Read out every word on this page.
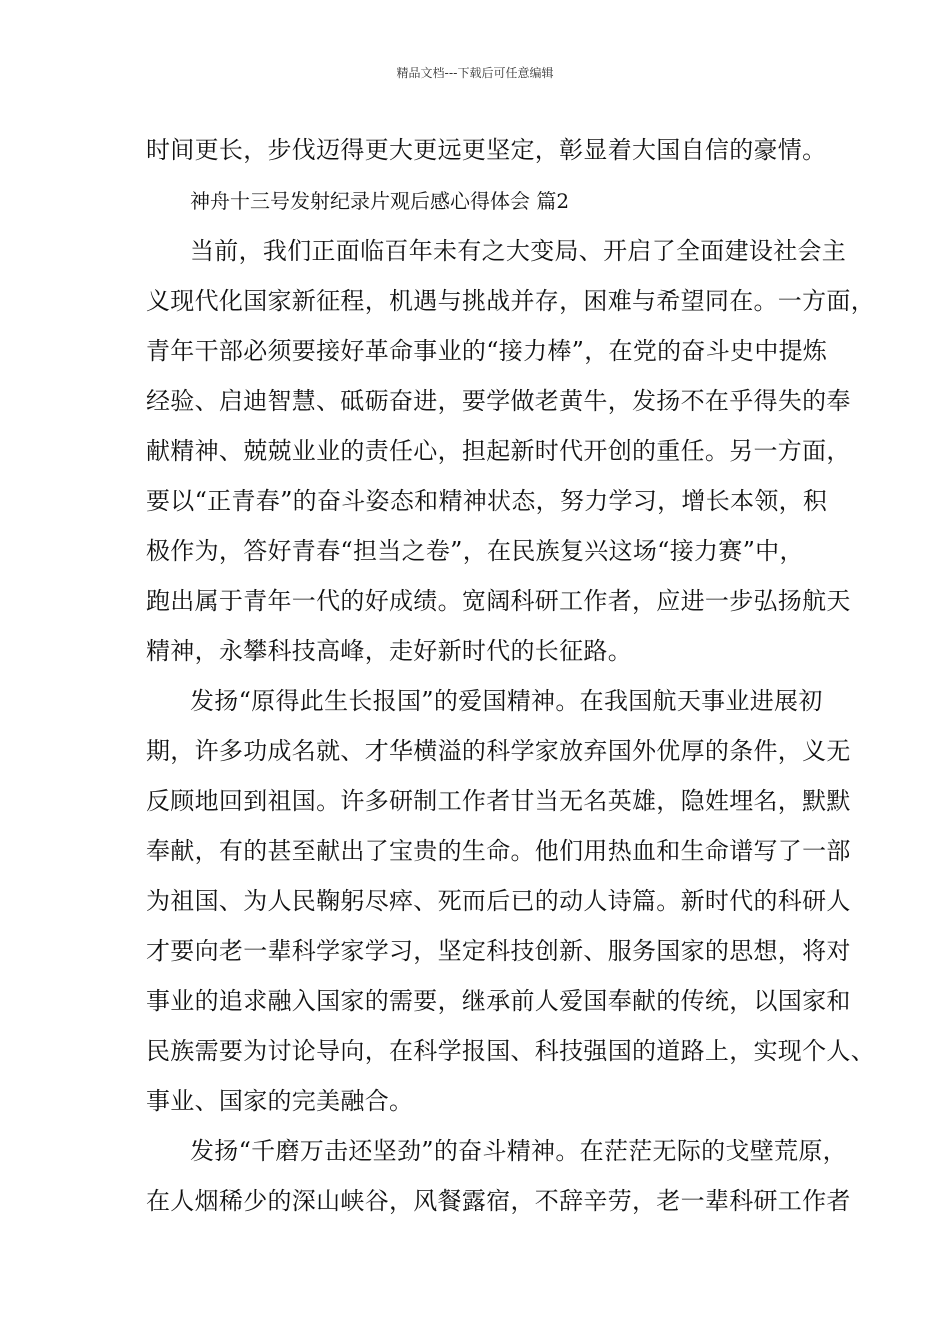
精品文档---下载后可任意编辑
时间更长，步伐迈得更大更远更坚定，彰显着大国自信的豪情。
神舟十三号发射纪录片观后感心得体会 篇2
当前，我们正面临百年未有之大变局、开启了全面建设社会主
义现代化国家新征程，机遇与挑战并存，困难与希望同在。一方面，
青年干部必须要接好革命事业的“接力棒”，在党的奋斗史中提炼
经验、启迪智慧、砥砺奋进，要学做老黄牛，发扬不在乎得失的奉
献精神、兢兢业业的责任心，担起新时代开创的重任。另一方面，
要以“正青春”的奋斗姿态和精神状态，努力学习，增长本领，积
极作为，答好青春“担当之卷”，在民族复兴这场“接力赛”中，
跑出属于青年一代的好成绩。宽阔科研工作者，应进一步弘扬航天
精神，永攀科技高峰，走好新时代的长征路。
发扬“原得此生长报国”的爱国精神。在我国航天事业进展初
期，许多功成名就、才华横溢的科学家放弃国外优厚的条件，义无
反顾地回到祖国。许多研制工作者甘当无名英雄，隐姓埋名，默默
奉献，有的甚至献出了宝贵的生命。他们用热血和生命谱写了一部
为祖国、为人民鞠躬尽瘁、死而后已的动人诗篇。新时代的科研人
才要向老一辈科学家学习，坚定科技创新、服务国家的思想，将对
事业的追求融入国家的需要，继承前人爱国奉献的传统，以国家和
民族需要为讨论导向，在科学报国、科技强国的道路上，实现个人、
事业、国家的完美融合。
发扬“千磨万击还坚劲”的奋斗精神。在茫茫无际的戈壁荒原，
在人烟稀少的深山峡谷，风餐露宿，不辞辛劳，老一辈科研工作者
